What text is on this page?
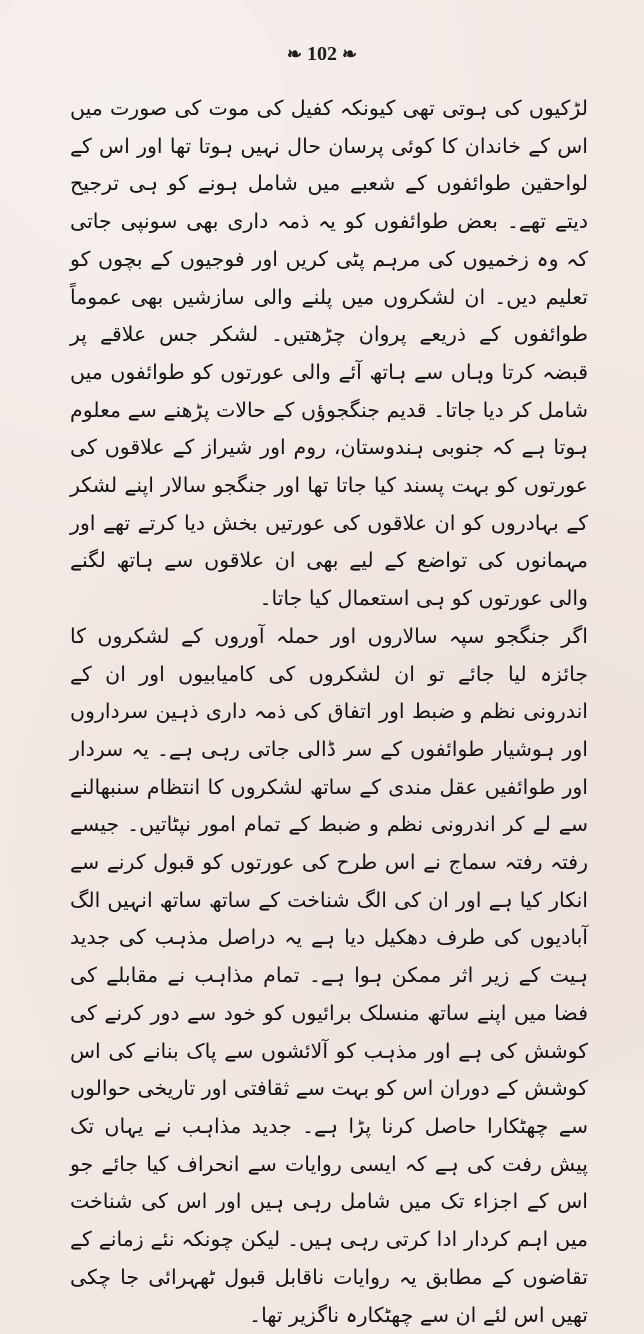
❧ 102 ❧

لڑکیوں کی ہوتی تھی کیونکہ کفیل کی موت کی صورت میں اس کے خاندان کا کوئی پرسان حال نہیں ہوتا تھا اور اس کے لواحقین طوائفوں کے شعبے میں شامل ہونے کو ہی ترجیح دیتے تھے۔ بعض طوائفوں کو یہ ذمہ داری بھی سونپی جاتی کہ وہ زخمیوں کی مرہم پٹی کریں اور فوجیوں کے بچوں کو تعلیم دیں۔ ان لشکروں میں پلنے والی سازشیں بھی عموماً طوائفوں کے ذریعے پروان چڑھتیں۔ لشکر جس علاقے پر قبضہ کرتا وہاں سے ہاتھ آئے والی عورتوں کو طوائفوں میں شامل کر دیا جاتا۔ قدیم جنگجوؤں کے حالات پڑھنے سے معلوم ہوتا ہے کہ جنوبی ہندوستان، روم اور شیراز کے علاقوں کی عورتوں کو بہت پسند کیا جاتا تھا اور جنگجو سالار اپنے لشکر کے بہادروں کو ان علاقوں کی عورتیں بخش دیا کرتے تھے اور مہمانوں کی تواضع کے لیے بھی ان علاقوں سے ہاتھ لگنے والی عورتوں کو ہی استعمال کیا جاتا۔

اگر جنگجو سپہ سالاروں اور حملہ آوروں کے لشکروں کا جائزہ لیا جائے تو ان لشکروں کی کامیابیوں اور ان کے اندرونی نظم و ضبط اور اتفاق کی ذمہ داری ذہین سرداروں اور ہوشیار طوائفوں کے سر ڈالی جاتی رہی ہے۔ یہ سردار اور طوائفیں عقل مندی کے ساتھ لشکروں کا انتظام سنبھالنے سے لے کر اندرونی نظم و ضبط کے تمام امور نپٹاتیں۔ جیسے رفتہ رفتہ سماج نے اس طرح کی عورتوں کو قبول کرنے سے انکار کیا ہے اور ان کی الگ شناخت کے ساتھ ساتھ انہیں الگ آبادیوں کی طرف دھکیل دیا ہے یہ دراصل مذہب کی جدید ہیت کے زیر اثر ممکن ہوا ہے۔ تمام مذاہب نے مقابلے کی فضا میں اپنے ساتھ منسلک برائیوں کو خود سے دور کرنے کی کوشش کی ہے اور مذہب کو آلائشوں سے پاک بنانے کی اس کوشش کے دوران اس کو بہت سے ثقافتی اور تاریخی حوالوں سے چھٹکارا حاصل کرنا پڑا ہے۔ جدید مذاہب نے یہاں تک پیش رفت کی ہے کہ ایسی روایات سے انحراف کیا جائے جو اس کے اجزاء تک میں شامل رہی ہیں اور اس کی شناخت میں اہم کردار ادا کرتی رہی ہیں۔ لیکن چونکہ نئے زمانے کے تقاضوں کے مطابق یہ روایات ناقابل قبول ٹھہرائی جا چکی تھیں اس لئے ان سے چھٹکارہ ناگزیر تھا۔
